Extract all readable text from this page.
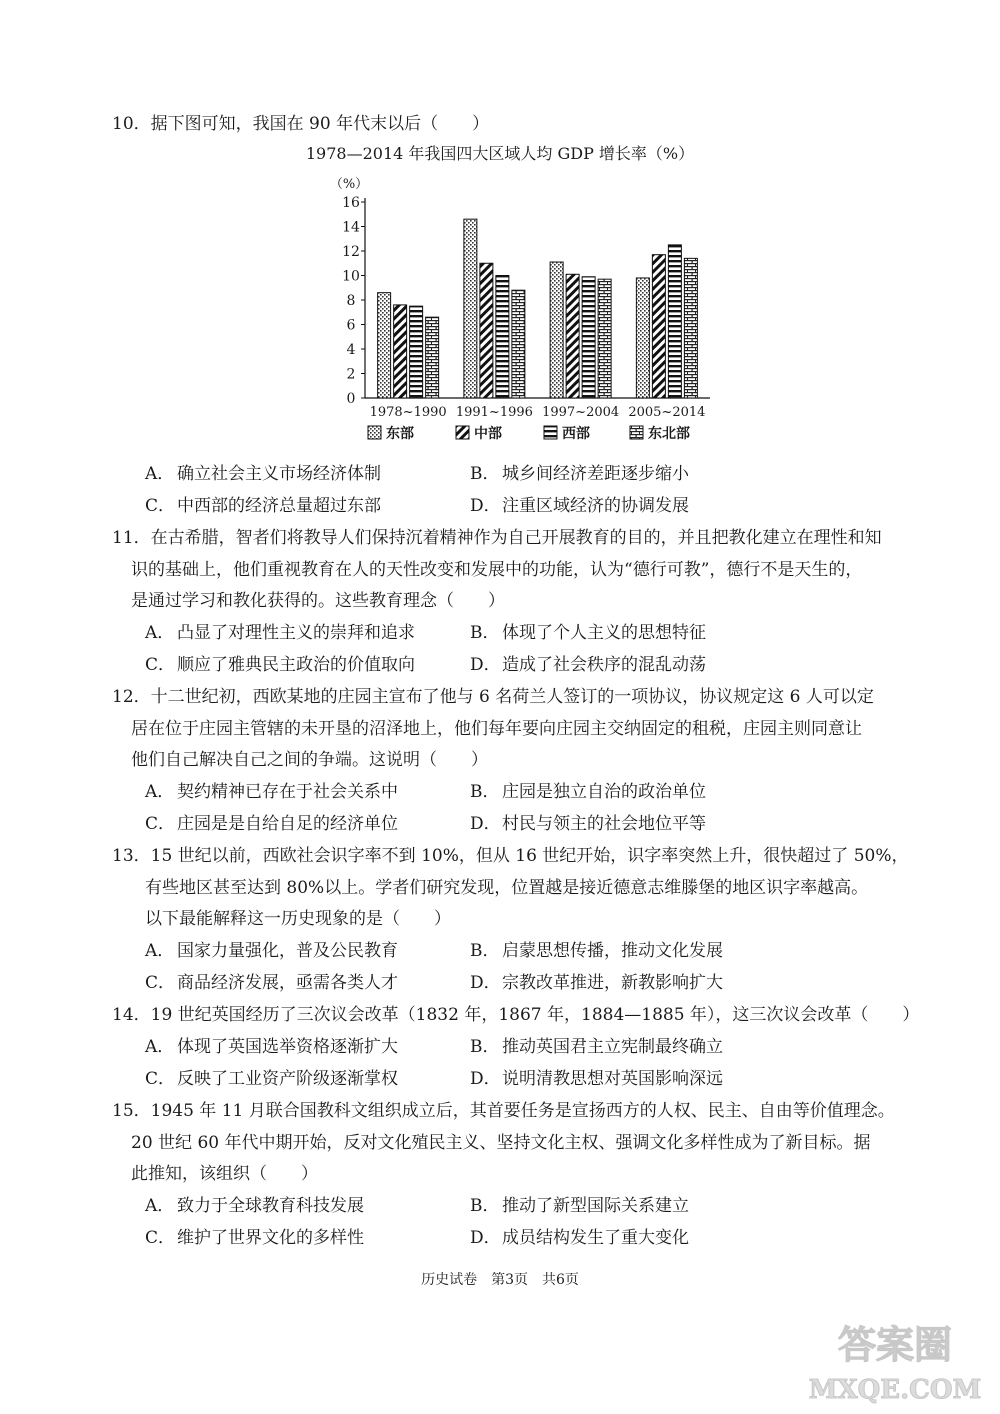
10．据下图可知，我国在 90 年代末以后（　　）
1978—2014 年我国四大区域人均 GDP 增长率（%）
（%）
0
2
4
6
8
10
12
14
16
1978~1990 1991~1996 1997~2004 2005~2014
东部	中部	西部	东北部
A． 确立社会主义市场经济体制	B． 城乡间经济差距逐步缩小
C． 中西部的经济总量超过东部	D．注重区域经济的协调发展
11．在古希腊，智者们将教导人们保持沉着精神作为自己开展教育的目的，并且把教化建立在理性和知
识的基础上，他们重视教育在人的天性改变和发展中的功能，认为“德行可教”，德行不是天生的，
是通过学习和教化获得的。这些教育理念（　　）
A． 凸显了对理性主义的崇拜和追求	B． 体现了个人主义的思想特征
C． 顺应了雅典民主政治的价值取向	D．造成了社会秩序的混乱动荡
12．十二世纪初，西欧某地的庄园主宣布了他与 6 名荷兰人签订的一项协议，协议规定这 6 人可以定
居在位于庄园主管辖的未开垦的沼泽地上，他们每年要向庄园主交纳固定的租税，庄园主则同意让
他们自己解决自己之间的争端。这说明（　　）
A． 契约精神已存在于社会关系中	B． 庄园是独立自治的政治单位
C． 庄园是是自给自足的经济单位	D．村民与领主的社会地位平等
13．15 世纪以前，西欧社会识字率不到 10%，但从 16 世纪开始，识字率突然上升，很快超过了 50%，
有些地区甚至达到 80%以上。学者们研究发现，位置越是接近德意志维滕堡的地区识字率越高。
以下最能解释这一历史现象的是（　　）
A． 国家力量强化，普及公民教育	B． 启蒙思想传播，推动文化发展
C． 商品经济发展，亟需各类人才	D．宗教改革推进，新教影响扩大
14．19 世纪英国经历了三次议会改革（1832 年，1867 年，1884—1885 年），这三次议会改革（　　）
A． 体现了英国选举资格逐渐扩大	B． 推动英国君主立宪制最终确立
C． 反映了工业资产阶级逐渐掌权	D．说明清教思想对英国影响深远
15．1945 年 11 月联合国教科文组织成立后，其首要任务是宣扬西方的人权、民主、自由等价值理念。
20 世纪 60 年代中期开始，反对文化殖民主义、坚持文化主权、强调文化多样性成为了新目标。据
此推知，该组织（　　）
A． 致力于全球教育科技发展	B． 推动了新型国际关系建立
C． 维护了世界文化的多样性	D．成员结构发生了重大变化
历史试卷　第3页　共6页
答案圈
MXQE.COM
